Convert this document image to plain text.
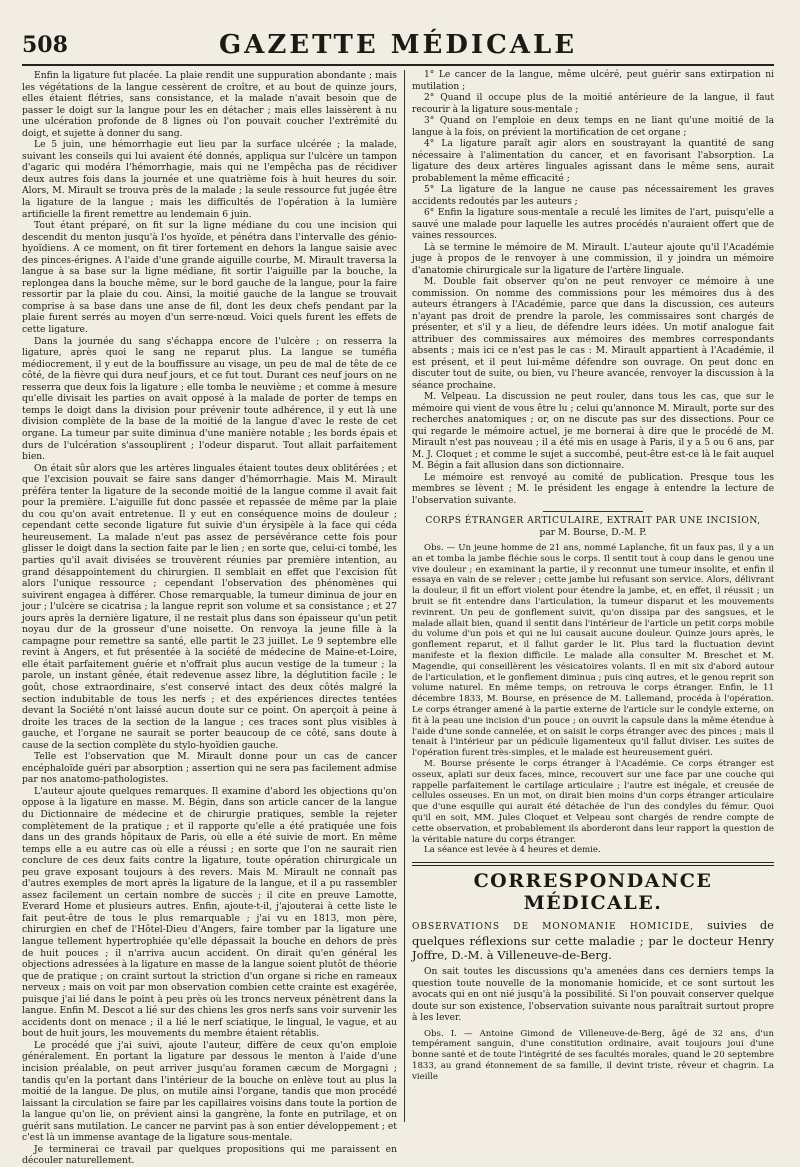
508	GAZETTE MÉDICALE

Enfin la ligature fut placée. La plaie rendit une suppuration abondante ; mais les végétations de la langue cessèrent de croître, et au bout de quinze jours, elles étaient flétries, sans consistance, et la malade n'avait besoin que de passer le doigt sur la langue pour les en détacher ; mais elles laissèrent à nu une ulcération profonde de 8 lignes où l'on pouvait coucher l'extrémité du doigt, et sujette à donner du sang.

Le 5 juin, une hémorrhagie eut lieu par la surface ulcérée ; la malade, suivant les conseils qui lui avaient été donnés, appliqua sur l'ulcère un tampon d'agaric qui modéra l'hémorrhagie, mais qui ne l'empêcha pas de récidiver deux autres fois dans la journée et une quatrième fois à huit heures du soir. Alors, M. Mirault se trouva près de la malade ; la seule ressource fut jugée être la ligature de la langue ; mais les difficultés de l'opération à la lumière artificielle la firent remettre au lendemain 6 juin.

Tout étant préparé, on fit sur la ligne médiane du cou une incision qui descendit du menton jusqu'à l'os hyoïde, et pénétra dans l'intervalle des génio-hyoïdiens. A ce moment, on fit tirer fortement en dehors la langue saisie avec des pinces-érignes. A l'aide d'une grande aiguille courbe, M. Mirault traversa la langue à sa base sur la ligne médiane, fit sortir l'aiguille par la bouche, la replongea dans la bouche même, sur le bord gauche de la langue, pour la faire ressortir par la plaie du cou. Ainsi, la moitié gauche de la langue se trouvait comprise à sa base dans une anse de fil, dont les deux chefs pendant par la plaie furent serrés au moyen d'un serre-nœud. Voici quels furent les effets de cette ligature.

Dans la journée du sang s'échappa encore de l'ulcère ; on resserra la ligature, après quoi le sang ne reparut plus. La langue se tuméfia médiocrement, il y eut de la bouffissure au visage, un peu de mal de tête de ce côté, de la fièvre qui dura neuf jours, et ce fut tout. Durant ces neuf jours on ne resserra que deux fois la ligature ; elle tomba le neuvième ; et comme à mesure qu'elle divisait les parties on avait opposé à la malade de porter de temps en temps le doigt dans la division pour prévenir toute adhérence, il y eut là une division complète de la base de la moitié de la langue d'avec le reste de cet organe. La tumeur par suite diminua d'une manière notable ; les bords épais et durs de l'ulcération s'assouplirent ; l'odeur disparut. Tout allait parfaitement bien.

On était sûr alors que les artères linguales étaient toutes deux oblitérées ; et que l'excision pouvait se faire sans danger d'hémorrhagie. Mais M. Mirault préféra tenter la ligature de la seconde moitié de la langue comme il avait fait pour la première. L'aiguille fut donc passée et repassée de même par la plaie du cou qu'on avait entretenue. Il y eut en conséquence moins de douleur ; cependant cette seconde ligature fut suivie d'un érysipèle à la face qui céda heureusement. La malade n'eut pas assez de persévérance cette fois pour glisser le doigt dans la section faite par le lien ; en sorte que, celui-ci tombé, les parties qu'il avait divisées se trouvèrent réunies par première intention, au grand désappointement du chirurgien. Il semblait en effet que l'excision fût alors l'unique ressource ; cependant l'observation des phénomènes qui suivirent engagea à différer. Chose remarquable, la tumeur diminua de jour en jour ; l'ulcère se cicatrisa ; la langue reprit son volume et sa consistance ; et 27 jours après la dernière ligature, il ne restait plus dans son épaisseur qu'un petit noyau dur de la grosseur d'une noisette. On renvoya la jeune fille à la campagne pour remettre sa santé, elle partit le 23 juillet. Le 9 septembre elle revint à Angers, et fut présentée à la société de médecine de Maine-et-Loire, elle était parfaitement guérie et n'offrait plus aucun vestige de la tumeur ; la parole, un instant gênée, était redevenue assez libre, la déglutition facile ; le goût, chose extraordinaire, s'est conservé intact des deux côtés malgré la section indubitable de tous les nerfs ; et des expériences directes tentées devant la Société n'ont laissé aucun doute sur ce point. On aperçoit à peine à droite les traces de la section de la langue ; ces traces sont plus visibles à gauche, et l'organe ne saurait se porter beaucoup de ce côté, sans doute à cause de la section complète du stylo-hyoïdien gauche.

Telle est l'observation que M. Mirault donne pour un cas de cancer encéphaloïde guéri par absorption ; assertion qui ne sera pas facilement admise par nos anatomo-pathologistes.

L'auteur ajoute quelques remarques. Il examine d'abord les objections qu'on oppose à la ligature en masse. M. Bégin, dans son article cancer de la langue du Dictionnaire de médecine et de chirurgie pratiques, semble la rejeter complètement de la pratique ; et il rapporte qu'elle a été pratiquée une fois dans un des grands hôpitaux de Paris, où elle a été suivie de mort. En même temps elle a eu autre cas où elle a réussi ; en sorte que l'on ne saurait rien conclure de ces deux faits contre la ligature, toute opération chirurgicale un peu grave exposant toujours à des revers. Mais M. Mirault ne connaît pas d'autres exemples de mort après la ligature de la langue, et il a pu rassembler assez facilement un certain nombre de succès ; il cite en preuve Lamotte, Everard Home et plusieurs autres. Enfin, ajoute-t-il, j'ajouterai à cette liste le fait peut-être de tous le plus remarquable ; j'ai vu en 1813, mon père, chirurgien en chef de l'Hôtel-Dieu d'Angers, faire tomber par la ligature une langue tellement hypertrophiée qu'elle dépassait la bouche en dehors de près de huit pouces ; il n'arriva aucun accident. On dirait qu'en général les objections adressées à la ligature en masse de la langue soient plutôt de théorie que de pratique ; on craint surtout la striction d'un organe si riche en rameaux nerveux ; mais on voit par mon observation combien cette crainte est exagérée, puisque j'ai lié dans le point à peu près où les troncs nerveux pénètrent dans la langue. Enfin M. Descot a lié sur des chiens les gros nerfs sans voir survenir les accidents dont on menace ; il a lié le nerf sciatique, le lingual, le vague, et au bout de huit jours, les mouvements du membre étaient rétablis.

Le procédé que j'ai suivi, ajoute l'auteur, diffère de ceux qu'on emploie généralement. En portant la ligature par dessous le menton à l'aide d'une incision préalable, on peut arriver jusqu'au foramen cæcum de Morgagni ; tandis qu'en la portant dans l'intérieur de la bouche on enlève tout au plus la moitié de la langue. De plus, on mutile ainsi l'organe, tandis que mon procédé laissant la circulation se faire par les capillaires voisins dans toute la portion de la langue qu'on lie, on prévient ainsi la gangrène, la fonte en putrilage, et on guérit sans mutilation. Le cancer ne parvint pas à son entier développement ; et c'est là un immense avantage de la ligature sous-mentale.

Je terminerai ce travail par quelques propositions qui me paraissent en découler naturellement.

1° Le cancer de la langue, même ulcéré, peut guérir sans extirpation ni mutilation ;

2° Quand il occupe plus de la moitié antérieure de la langue, il faut recourir à la ligature sous-mentale ;

3° Quand on l'emploie en deux temps en ne liant qu'une moitié de la langue à la fois, on prévient la mortification de cet organe ;

4° La ligature paraît agir alors en soustrayant la quantité de sang nécessaire à l'alimentation du cancer, et en favorisant l'absorption. La ligature des deux artères linguales agissant dans le même sens, aurait probablement la même efficacité ;

5° La ligature de la langue ne cause pas nécessairement les graves accidents redoutés par les auteurs ;

6° Enfin la ligature sous-mentale a reculé les limites de l'art, puisqu'elle a sauvé une malade pour laquelle les autres procédés n'auraient offert que de vaines ressources.

Là se termine le mémoire de M. Mirault. L'auteur ajoute qu'il l'Académie juge à propos de le renvoyer à une commission, il y joindra un mémoire d'anatomie chirurgicale sur la ligature de l'artère linguale.

M. Double fait observer qu'on ne peut renvoyer ce mémoire à une commission. On nomme des commissions pour les mémoires dus à des auteurs étrangers à l'Académie, parce que dans la discussion, ces auteurs n'ayant pas droit de prendre la parole, les commissaires sont chargés de présenter, et s'il y a lieu, de défendre leurs idées. Un motif analogue fait attribuer des commissaires aux mémoires des membres correspondants absents ; mais ici ce n'est pas le cas : M. Mirault appartient à l'Académie, il est présent, et il peut lui-même défendre son ouvrage. On peut donc en discuter tout de suite, ou bien, vu l'heure avancée, renvoyer la discussion à la séance prochaine.

M. Velpeau. La discussion ne peut rouler, dans tous les cas, que sur le mémoire qui vient de vous être lu ; celui qu'annonce M. Mirault, porte sur des recherches anatomiques ; or, on ne discute pas sur des dissections. Pour ce qui regarde le mémoire actuel, je me bornerai à dire que le procédé de M. Mirault n'est pas nouveau ; il a été mis en usage à Paris, il y a 5 ou 6 ans, par M. J. Cloquet ; et comme le sujet a succombé, peut-être est-ce là le fait auquel M. Bégin a fait allusion dans son dictionnaire.

Le mémoire est renvoyé au comité de publication. Presque tous les membres se lèvent ; M. le président les engage à entendre la lecture de l'observation suivante.

CORPS ÉTRANGER ARTICULAIRE, EXTRAIT PAR UNE INCISION,

par M. Bourse, D.-M. P.

Obs. — Un jeune homme de 21 ans, nommé Laplanche, fit un faux pas, il y a un an et tomba la jambe fléchie sous le corps. Il sentit tout à coup dans le genou une vive douleur ; en examinant la partie, il y reconnut une tumeur insolite, et enfin il essaya en vain de se relever ; cette jambe lui refusant son service. Alors, délivrant la douleur, il fit un effort violent pour étendre la jambe, et, en effet, il réussit ; un bruit se fit entendre dans l'articulation, la tumeur disparut et les mouvements revinrent. Un peu de gonflement suivit, qu'on dissipa par des sangsues, et le malade allait bien, quand il sentit dans l'intérieur de l'article un petit corps mobile du volume d'un pois et qui ne lui causait aucune douleur. Quinze jours après, le gonflement reparut, et il fallut garder le lit. Plus tard la fluctuation devint manifeste et la flexion difficile. Le malade alla consulter M. Breschet et M. Magendie, qui conseillèrent les vésicatoires volants. Il en mit six d'abord autour de l'articulation, et le gonflement diminua ; puis cinq autres, et le genou reprit son volume naturel. En même temps, on retrouva le corps étranger. Enfin, le 11 décembre 1833, M. Bourse, en présence de M. Lallemand, procéda à l'opération. Le corps étranger amené à la partie externe de l'article sur le condyle externe, on fit à la peau une incision d'un pouce ; on ouvrit la capsule dans la même étendue à l'aide d'une sonde cannelée, et on saisit le corps étranger avec des pinces ; mais il tenait à l'intérieur par un pédicule ligamenteux qu'il fallut diviser. Les suites de l'opération furent très-simples, et le malade est heureusement guéri.

M. Bourse présente le corps étranger à l'Académie. Ce corps étranger est osseux, aplati sur deux faces, mince, recouvert sur une face par une couche qui rappelle parfaitement le cartilage articulaire ; l'autre est inégale, et creusée de cellules osseuses. En un mot, on dirait bien moins d'un corps étranger articulaire que d'une esquille qui aurait été détachée de l'un des condyles du fémur. Quoi qu'il en soit, MM. Jules Cloquet et Velpeau sont chargés de rendre compte de cette observation, et probablement ils aborderont dans leur rapport la question de la véritable nature du corps étranger.

La séance est levée à 4 heures et demie.

CORRESPONDANCE MÉDICALE.
OBSERVATIONS DE MONOMANIE HOMICIDE, suivies de quelques réflexions sur cette maladie ; par le docteur Henry Joffre, D.-M. à Villeneuve-de-Berg.

On sait toutes les discussions qu'a amenées dans ces derniers temps la question toute nouvelle de la monomanie homicide, et ce sont surtout les avocats qui en ont nié jusqu'à la possibilité. Si l'on pouvait conserver quelque doute sur son existence, l'observation suivante nous paraîtrait surtout propre à les lever.

Obs. I. — Antoine Gimond de Villeneuve-de-Berg, âgé de 32 ans, d'un tempérament sanguin, d'une constitution ordinaire, avait toujours joui d'une bonne santé et de toute l'intégrité de ses facultés morales, quand le 20 septembre 1833, au grand étonnement de sa famille, il devint triste, rêveur et chagrin. La vieille
